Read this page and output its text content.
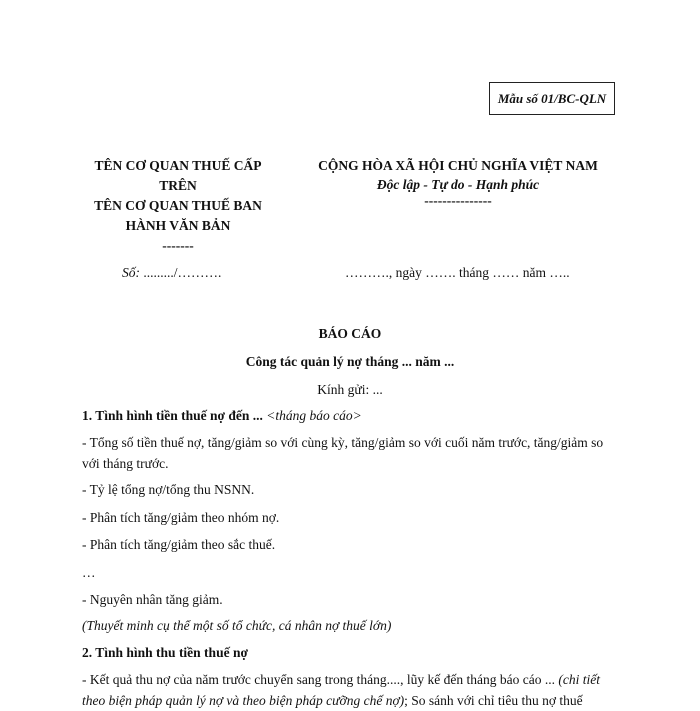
Mẫu số 01/BC-QLN
TÊN CƠ QUAN THUẾ CẤP
TRÊN
TÊN CƠ QUAN THUẾ BAN
HÀNH VĂN BẢN
-------
CỘNG HÒA XÃ HỘI CHỦ NGHĨA VIỆT NAM
Độc lập - Tự do - Hạnh phúc
---------------
Số: ........./……….	………., ngày ……. tháng …… năm …..
BÁO CÁO
Công tác quản lý nợ tháng ... năm ...
Kính gửi: ...
1. Tình hình tiền thuế nợ đến ... <tháng báo cáo>
- Tổng số tiền thuế nợ, tăng/giảm so với cùng kỳ, tăng/giảm so với cuối năm trước, tăng/giảm so với tháng trước.
- Tỷ lệ tổng nợ/tổng thu NSNN.
- Phân tích tăng/giảm theo nhóm nợ.
- Phân tích tăng/giảm theo sắc thuế.
…
- Nguyên nhân tăng giảm.
(Thuyết minh cụ thể một số tổ chức, cá nhân nợ thuế lớn)
2. Tình hình thu tiền thuế nợ
- Kết quả thu nợ của năm trước chuyển sang trong tháng...., lũy kế đến tháng báo cáo ... (chi tiết theo biện pháp quản lý nợ và theo biện pháp cưỡng chế nợ); So sánh với chỉ tiêu thu nợ thuế
